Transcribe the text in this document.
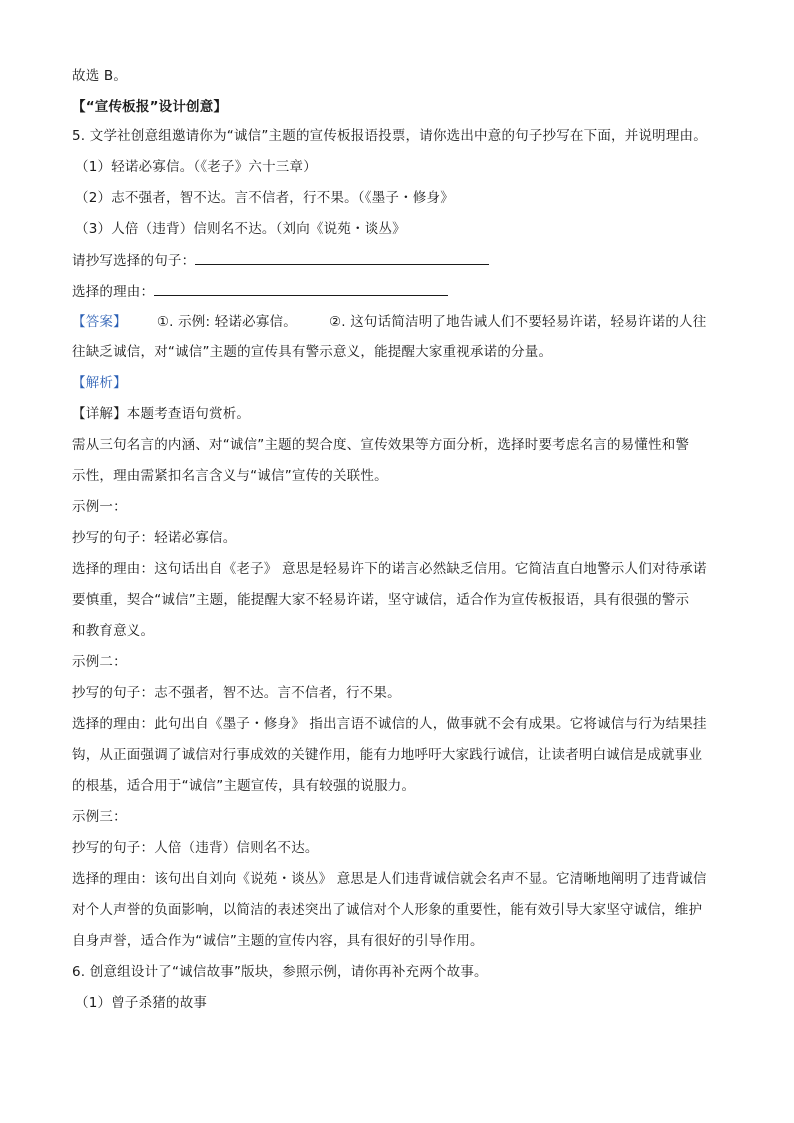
故选 B。
【“宣传板报”设计创意】
5. 文学社创意组邀请你为“诚信”主题的宣传板报语投票，请你选出中意的句子抄写在下面，并说明理由。
（1）轻诺必寡信。（《老子》六十三章）
（2）志不强者，智不达。言不信者，行不果。（《墨子・修身》
（3）人倍（违背）信则名不达。（刘向《说苑・谈丛》
请抄写选择的句子：
选择的理由：
【答案】 ①. 示例: 轻诺必寡信。 ②. 这句话简洁明了地告诫人们不要轻易许诺，轻易许诺的人往
往缺乏诚信，对“诚信”主题的宣传具有警示意义，能提醒大家重视承诺的分量。
【解析】
【详解】本题考查语句赏析。
需从三句名言的内涵、对“诚信”主题的契合度、宣传效果等方面分析，选择时要考虑名言的易懂性和警
示性，理由需紧扣名言含义与“诚信”宣传的关联性。
示例一：
抄写的句子：轻诺必寡信。
选择的理由：这句话出自《老子》 意思是轻易许下的诺言必然缺乏信用。它简洁直白地警示人们对待承诺
要慎重，契合“诚信”主题，能提醒大家不轻易许诺，坚守诚信，适合作为宣传板报语，具有很强的警示
和教育意义。
示例二：
抄写的句子：志不强者，智不达。言不信者，行不果。
选择的理由：此句出自《墨子・修身》 指出言语不诚信的人，做事就不会有成果。它将诚信与行为结果挂
钩，从正面强调了诚信对行事成效的关键作用，能有力地呼吁大家践行诚信，让读者明白诚信是成就事业
的根基，适合用于“诚信”主题宣传，具有较强的说服力。
示例三：
抄写的句子：人倍（违背）信则名不达。
选择的理由：该句出自刘向《说苑・谈丛》 意思是人们违背诚信就会名声不显。它清晰地阐明了违背诚信
对个人声誉的负面影响，以简洁的表述突出了诚信对个人形象的重要性，能有效引导大家坚守诚信，维护
自身声誉，适合作为“诚信”主题的宣传内容，具有很好的引导作用。
6. 创意组设计了“诚信故事”版块，参照示例，请你再补充两个故事。
（1）曾子杀猪的故事
